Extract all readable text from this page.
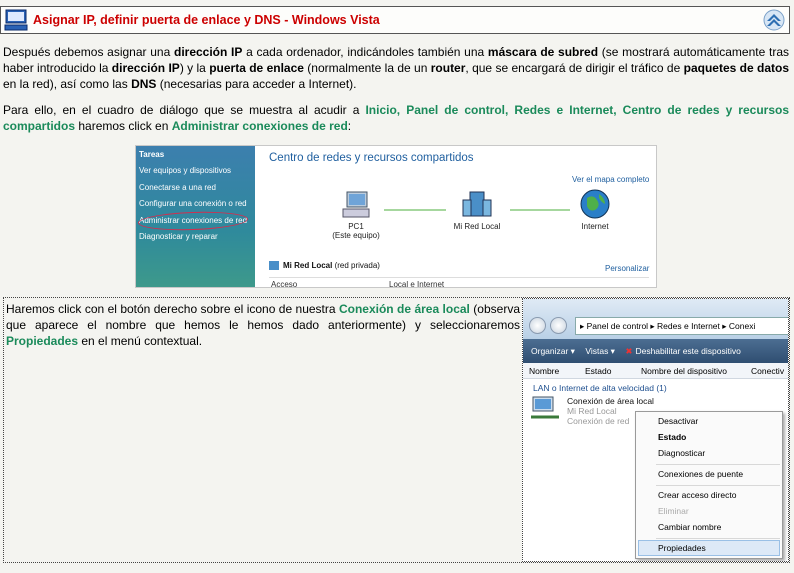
Asignar IP, definir puerta de enlace y DNS - Windows Vista

Después debemos asignar una dirección IP a cada ordenador, indicándoles también una máscara de subred (se mostrará automáticamente tras haber introducido la dirección IP) y la puerta de enlace (normalmente la de un router, que se encargará de dirigir el tráfico de paquetes de datos en la red), así como las DNS (necesarias para acceder a Internet).

Para ello, en el cuadro de diálogo que se muestra al acudir a Inicio, Panel de control, Redes e Internet, Centro de redes y recursos compartidos haremos click en Administrar conexiones de red:

Tareas
Ver equipos y dispositivos
Conectarse a una red
Configurar una conexión o red
Administrar conexiones de red
Diagnosticar y reparar
Centro de redes y recursos compartidos
Ver el mapa completo
PC1
(Este equipo)
Mi Red Local	Internet
Mi Red Local (red privada)	Personalizar
Acceso	Local e Internet

Haremos click con el botón derecho sobre el icono de nuestra Conexión de área local (observa que aparece el nombre que hemos le hemos dado anteriormente) y seleccionaremos Propiedades en el menú contextual.

▸ Panel de control ▸ Redes e Internet ▸ Conexi
Organizar ▾ Vistas ▾ ✖ Deshabilitar este dispositivo
Nombre	Estado	Nombre del dispositivo	Conectiv
LAN o Internet de alta velocidad (1)
Conexión de área local
Mi Red Local
Conexión de red	Desactivar
Estado
Diagnosticar
Conexiones de puente
Crear acceso directo
Eliminar
Cambiar nombre
Propiedades
